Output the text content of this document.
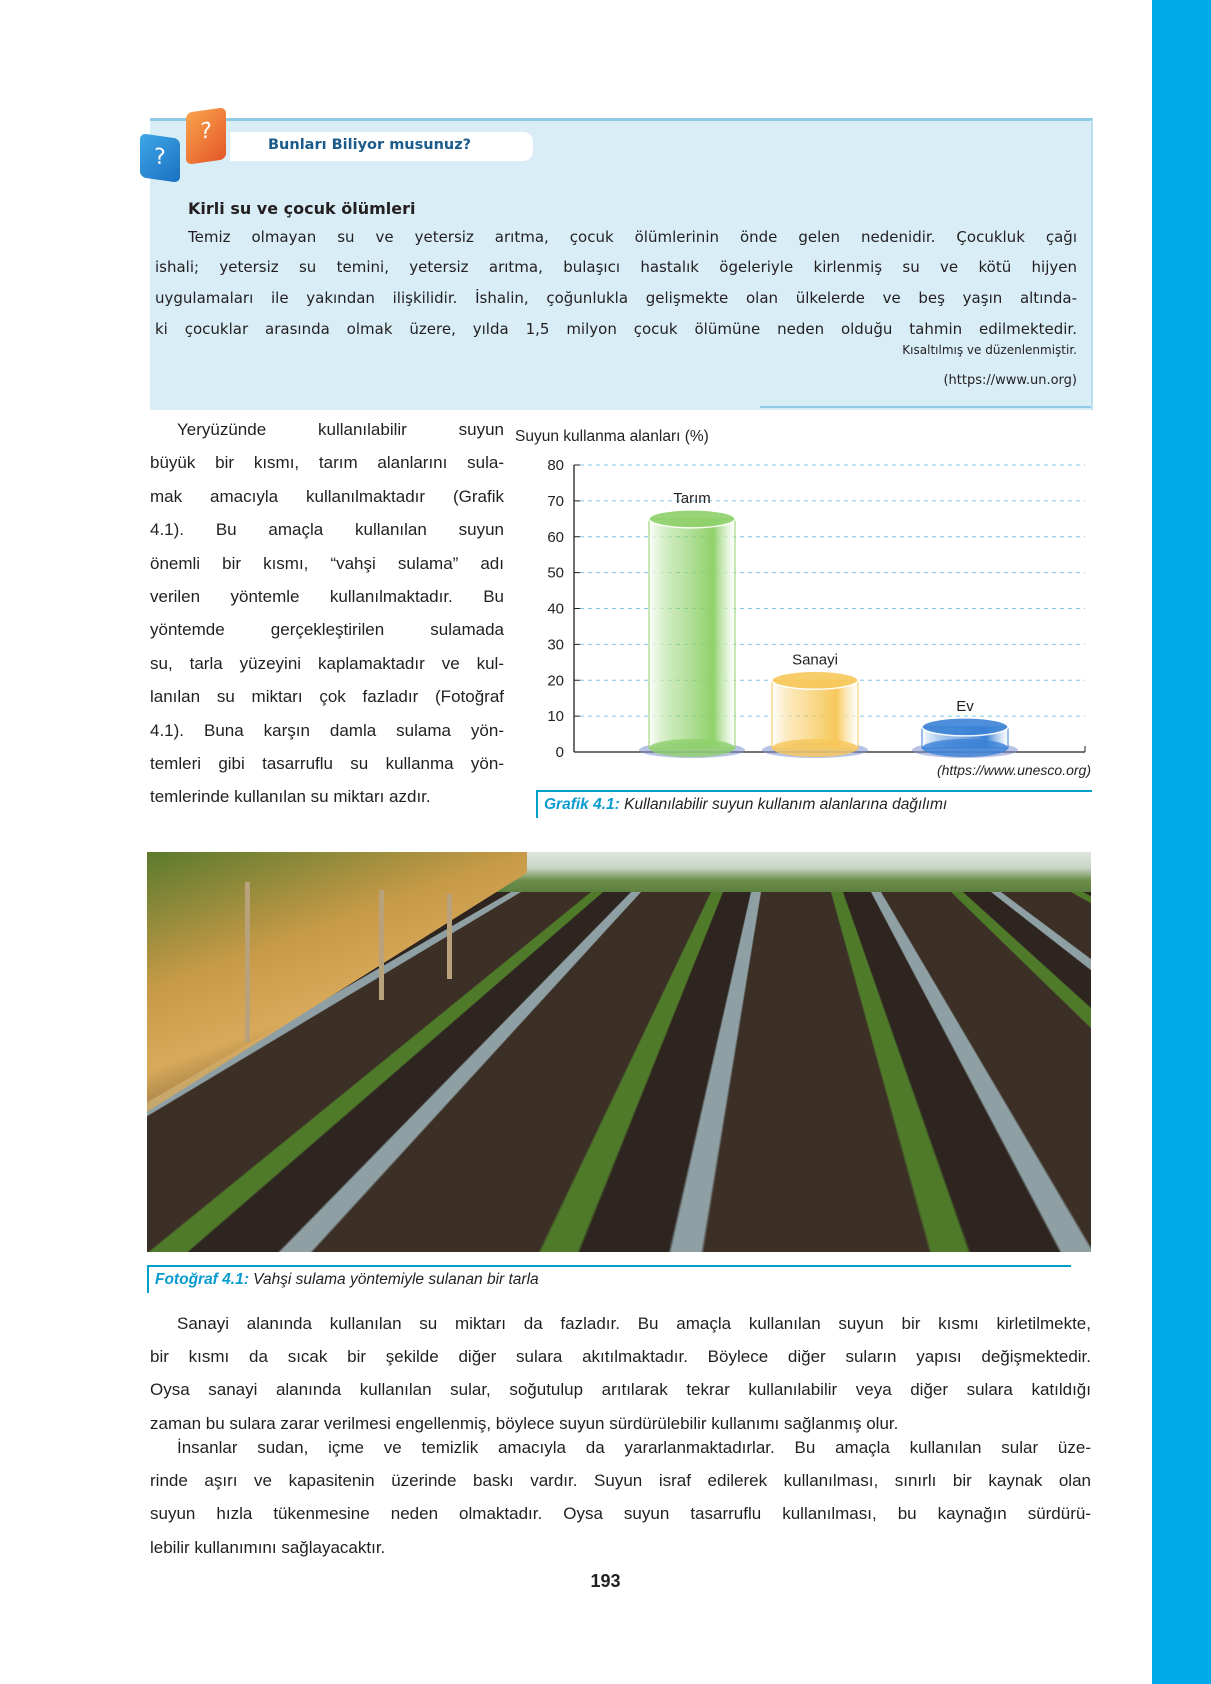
?
?
Bunları Biliyor musunuz?
Kirli su ve çocuk ölümleri
Temiz olmayan su ve yetersiz arıtma, çocuk ölümlerinin önde gelen nedenidir. Çocukluk çağı
ishali; yetersiz su temini, yetersiz arıtma, bulaşıcı hastalık ögeleriyle kirlenmiş su ve kötü hijyen
uygulamaları ile yakından ilişkilidir. İshalin, çoğunlukla gelişmekte olan ülkelerde ve beş yaşın altında-
ki çocuklar arasında olmak üzere, yılda 1,5 milyon çocuk ölümüne neden olduğu tahmin edilmektedir.
Kısaltılmış ve düzenlenmiştir.
(https://www.un.org)
Yeryüzünde kullanılabilir suyun
büyük bir kısmı, tarım alanlarını sula-
mak amacıyla kullanılmaktadır (Grafik
4.1). Bu amaçla kullanılan suyun
önemli bir kısmı, “vahşi sulama” adı
verilen yöntemle kullanılmaktadır. Bu
yöntemde gerçekleştirilen sulamada
su, tarla yüzeyini kaplamaktadır ve kul-
lanılan su miktarı çok fazladır (Fotoğraf
4.1). Buna karşın damla sulama yön-
temleri gibi tasarruflu su kullanma yön-
temlerinde kullanılan su miktarı azdır.
Suyun kullanma alanları (%)
0
10
20
30
40
50
60
70
80
Tarım
Sanayi
Ev
(https://www.unesco.org)
Grafik 4.1: Kullanılabilir suyun kullanım alanlarına dağılımı
Fotoğraf 4.1: Vahşi sulama yöntemiyle sulanan bir tarla
Sanayi alanında kullanılan su miktarı da fazladır. Bu amaçla kullanılan suyun bir kısmı kirletilmekte,
bir kısmı da sıcak bir şekilde diğer sulara akıtılmaktadır. Böylece diğer suların yapısı değişmektedir.
Oysa sanayi alanında kullanılan sular, soğutulup arıtılarak tekrar kullanılabilir veya diğer sulara katıldığı
zaman bu sulara zarar verilmesi engellenmiş, böylece suyun sürdürülebilir kullanımı sağlanmış olur.
İnsanlar sudan, içme ve temizlik amacıyla da yararlanmaktadırlar. Bu amaçla kullanılan sular üze-
rinde aşırı ve kapasitenin üzerinde baskı vardır. Suyun israf edilerek kullanılması, sınırlı bir kaynak olan
suyun hızla tükenmesine neden olmaktadır. Oysa suyun tasarruflu kullanılması, bu kaynağın sürdürü-
lebilir kullanımını sağlayacaktır.
193
